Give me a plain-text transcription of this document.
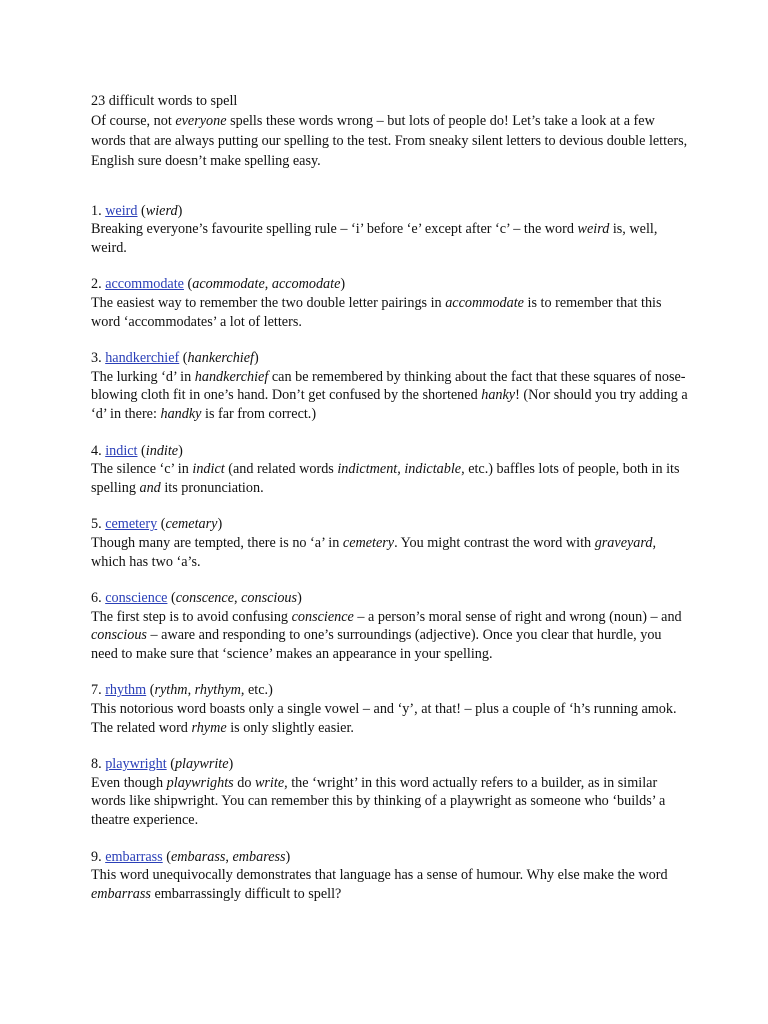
23 difficult words to spell

Of course, not everyone spells these words wrong – but lots of people do! Let’s take a look at a few words that are always putting our spelling to the test. From sneaky silent letters to devious double letters, English sure doesn’t make spelling easy.

1. weird (wierd)

Breaking everyone’s favourite spelling rule – ‘i’ before ‘e’ except after ‘c’ – the word weird is, well, weird.

2. accommodate (acommodate, accomodate)

The easiest way to remember the two double letter pairings in accommodate is to remember that this word ‘accommodates’ a lot of letters.

3. handkerchief (hankerchief)

The lurking ‘d’ in handkerchief can be remembered by thinking about the fact that these squares of nose-blowing cloth fit in one’s hand. Don’t get confused by the shortened hanky! (Nor should you try adding a ‘d’ in there: handky is far from correct.)

4. indict (indite)

The silence ‘c’ in indict (and related words indictment, indictable, etc.) baffles lots of people, both in its spelling and its pronunciation.

5. cemetery (cemetary)

Though many are tempted, there is no ‘a’ in cemetery. You might contrast the word with graveyard, which has two ‘a’s.

6. conscience (conscence, conscious)

The first step is to avoid confusing conscience – a person’s moral sense of right and wrong (noun) – and conscious – aware and responding to one’s surroundings (adjective). Once you clear that hurdle, you need to make sure that ‘science’ makes an appearance in your spelling.

7. rhythm (rythm, rhythym, etc.)

This notorious word boasts only a single vowel – and ‘y’, at that! – plus a couple of ‘h’s running amok. The related word rhyme is only slightly easier.

8. playwright (playwrite)

Even though playwrights do write, the ‘wright’ in this word actually refers to a builder, as in similar words like shipwright. You can remember this by thinking of a playwright as someone who ‘builds’ a theatre experience.

9. embarrass (embarass, embaress)

This word unequivocally demonstrates that language has a sense of humour. Why else make the word embarrass embarrassingly difficult to spell?
